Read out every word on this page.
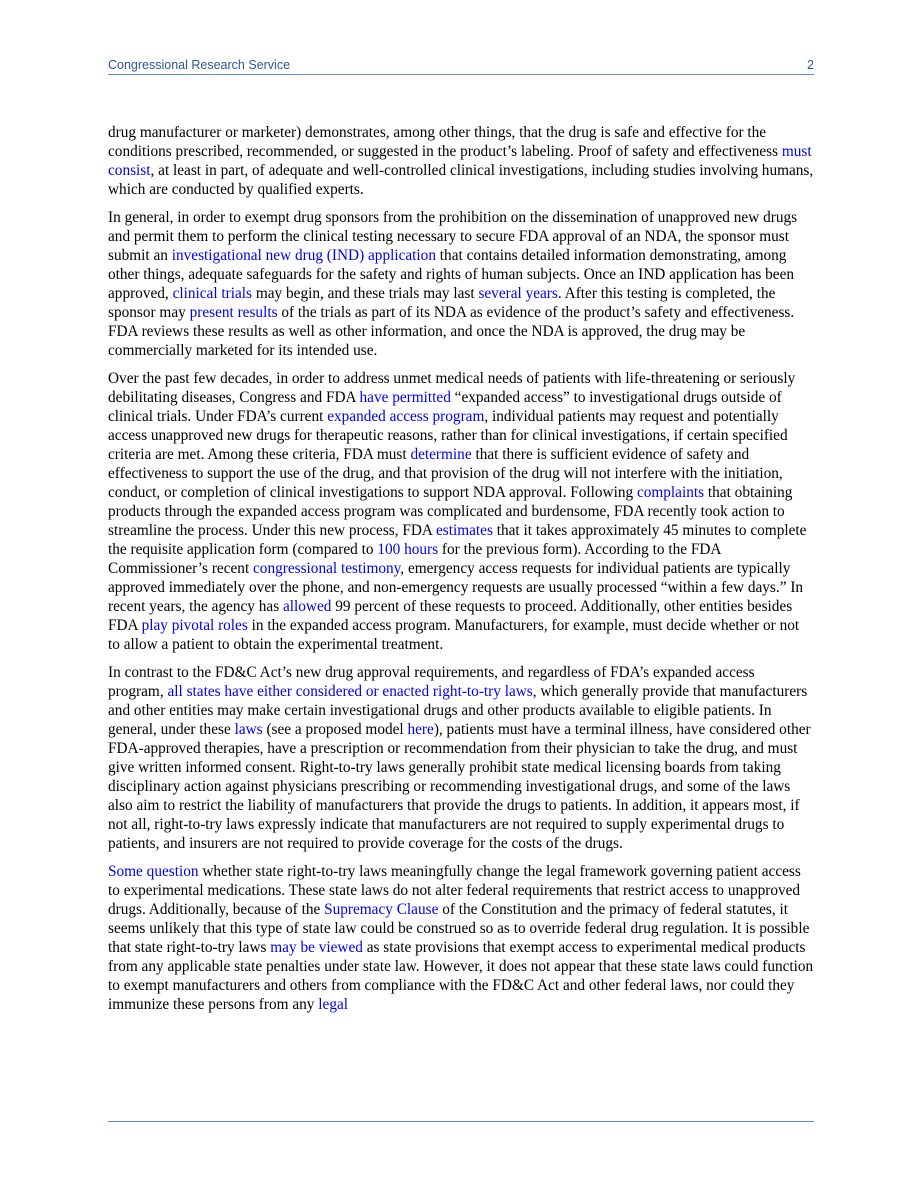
Congressional Research Service	2

drug manufacturer or marketer) demonstrates, among other things, that the drug is safe and effective for the conditions prescribed, recommended, or suggested in the product’s labeling. Proof of safety and effectiveness must consist, at least in part, of adequate and well-controlled clinical investigations, including studies involving humans, which are conducted by qualified experts.

In general, in order to exempt drug sponsors from the prohibition on the dissemination of unapproved new drugs and permit them to perform the clinical testing necessary to secure FDA approval of an NDA, the sponsor must submit an investigational new drug (IND) application that contains detailed information demonstrating, among other things, adequate safeguards for the safety and rights of human subjects. Once an IND application has been approved, clinical trials may begin, and these trials may last several years. After this testing is completed, the sponsor may present results of the trials as part of its NDA as evidence of the product’s safety and effectiveness. FDA reviews these results as well as other information, and once the NDA is approved, the drug may be commercially marketed for its intended use.

Over the past few decades, in order to address unmet medical needs of patients with life-threatening or seriously debilitating diseases, Congress and FDA have permitted “expanded access” to investigational drugs outside of clinical trials. Under FDA’s current expanded access program, individual patients may request and potentially access unapproved new drugs for therapeutic reasons, rather than for clinical investigations, if certain specified criteria are met. Among these criteria, FDA must determine that there is sufficient evidence of safety and effectiveness to support the use of the drug, and that provision of the drug will not interfere with the initiation, conduct, or completion of clinical investigations to support NDA approval. Following complaints that obtaining products through the expanded access program was complicated and burdensome, FDA recently took action to streamline the process. Under this new process, FDA estimates that it takes approximately 45 minutes to complete the requisite application form (compared to 100 hours for the previous form). According to the FDA Commissioner’s recent congressional testimony, emergency access requests for individual patients are typically approved immediately over the phone, and non-emergency requests are usually processed “within a few days.” In recent years, the agency has allowed 99 percent of these requests to proceed. Additionally, other entities besides FDA play pivotal roles in the expanded access program. Manufacturers, for example, must decide whether or not to allow a patient to obtain the experimental treatment.

In contrast to the FD&C Act’s new drug approval requirements, and regardless of FDA’s expanded access program, all states have either considered or enacted right-to-try laws, which generally provide that manufacturers and other entities may make certain investigational drugs and other products available to eligible patients. In general, under these laws (see a proposed model here), patients must have a terminal illness, have considered other FDA-approved therapies, have a prescription or recommendation from their physician to take the drug, and must give written informed consent. Right-to-try laws generally prohibit state medical licensing boards from taking disciplinary action against physicians prescribing or recommending investigational drugs, and some of the laws also aim to restrict the liability of manufacturers that provide the drugs to patients. In addition, it appears most, if not all, right-to-try laws expressly indicate that manufacturers are not required to supply experimental drugs to patients, and insurers are not required to provide coverage for the costs of the drugs.

Some question whether state right-to-try laws meaningfully change the legal framework governing patient access to experimental medications. These state laws do not alter federal requirements that restrict access to unapproved drugs. Additionally, because of the Supremacy Clause of the Constitution and the primacy of federal statutes, it seems unlikely that this type of state law could be construed so as to override federal drug regulation. It is possible that state right-to-try laws may be viewed as state provisions that exempt access to experimental medical products from any applicable state penalties under state law. However, it does not appear that these state laws could function to exempt manufacturers and others from compliance with the FD&C Act and other federal laws, nor could they immunize these persons from any legal
